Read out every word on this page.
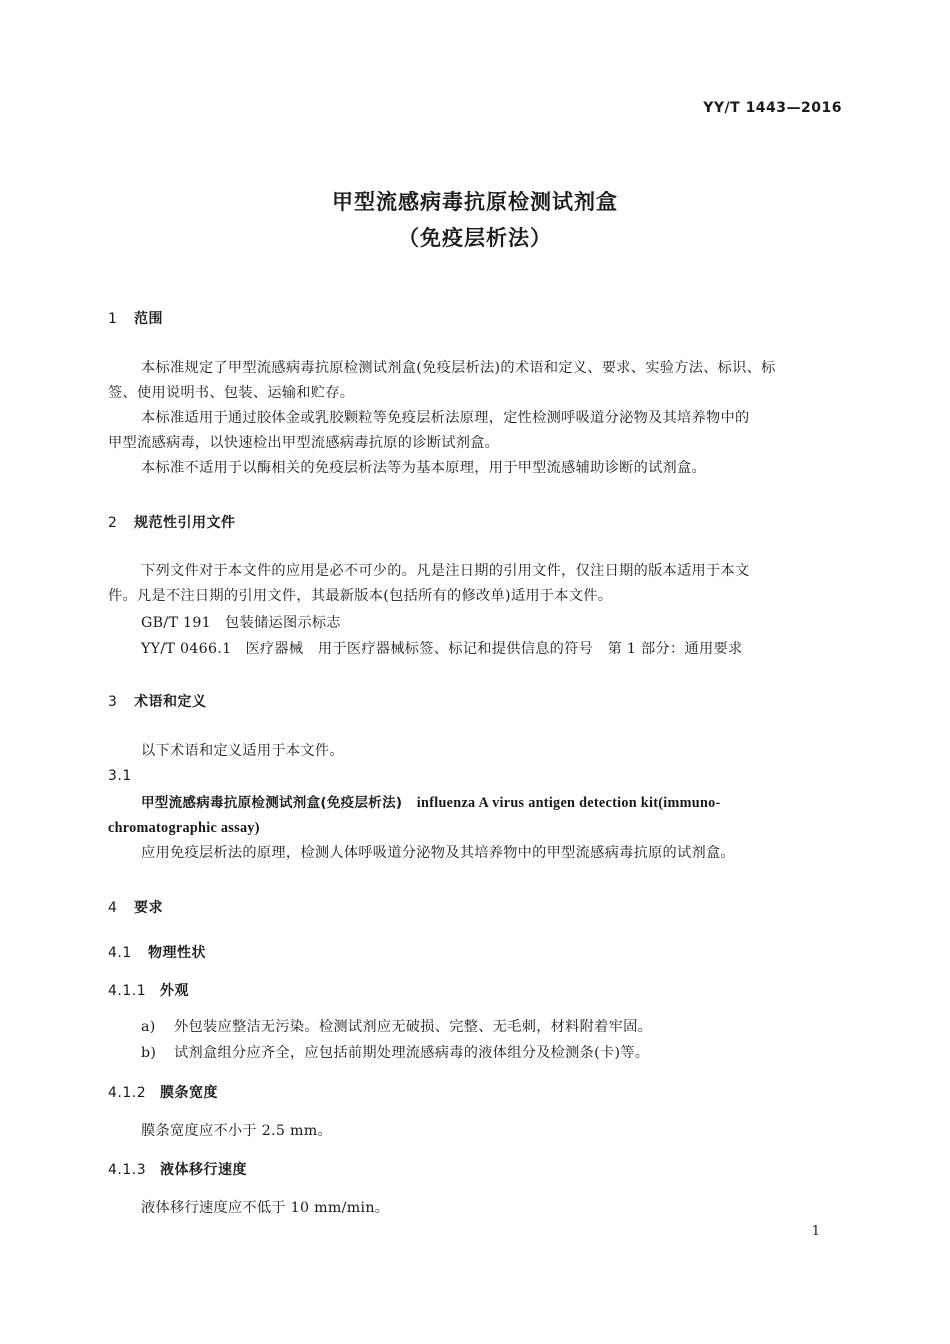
YY/T 1443—2016
甲型流感病毒抗原检测试剂盒
（免疫层析法）
1 范围
本标准规定了甲型流感病毒抗原检测试剂盒(免疫层析法)的术语和定义、要求、实验方法、标识、标
签、使用说明书、包装、运输和贮存。
本标准适用于通过胶体金或乳胶颗粒等免疫层析法原理，定性检测呼吸道分泌物及其培养物中的
甲型流感病毒，以快速检出甲型流感病毒抗原的诊断试剂盒。
本标准不适用于以酶相关的免疫层析法等为基本原理，用于甲型流感辅助诊断的试剂盒。
2 规范性引用文件
下列文件对于本文件的应用是必不可少的。凡是注日期的引用文件，仅注日期的版本适用于本文
件。凡是不注日期的引用文件，其最新版本(包括所有的修改单)适用于本文件。
GB/T 191 包装储运图示标志
YY/T 0466.1 医疗器械　用于医疗器械标签、标记和提供信息的符号　第 1 部分：通用要求
3 术语和定义
以下术语和定义适用于本文件。
3.1
甲型流感病毒抗原检测试剂盒(免疫层析法) influenza A virus antigen detection kit(immuno-
chromatographic assay)
应用免疫层析法的原理，检测人体呼吸道分泌物及其培养物中的甲型流感病毒抗原的试剂盒。
4 要求
4.1 物理性状
4.1.1 外观
a) 外包装应整洁无污染。检测试剂应无破损、完整、无毛刺，材料附着牢固。
b) 试剂盒组分应齐全，应包括前期处理流感病毒的液体组分及检测条(卡)等。
4.1.2 膜条宽度
膜条宽度应不小于 2.5 mm。
4.1.3 液体移行速度
液体移行速度应不低于 10 mm/min。
1
